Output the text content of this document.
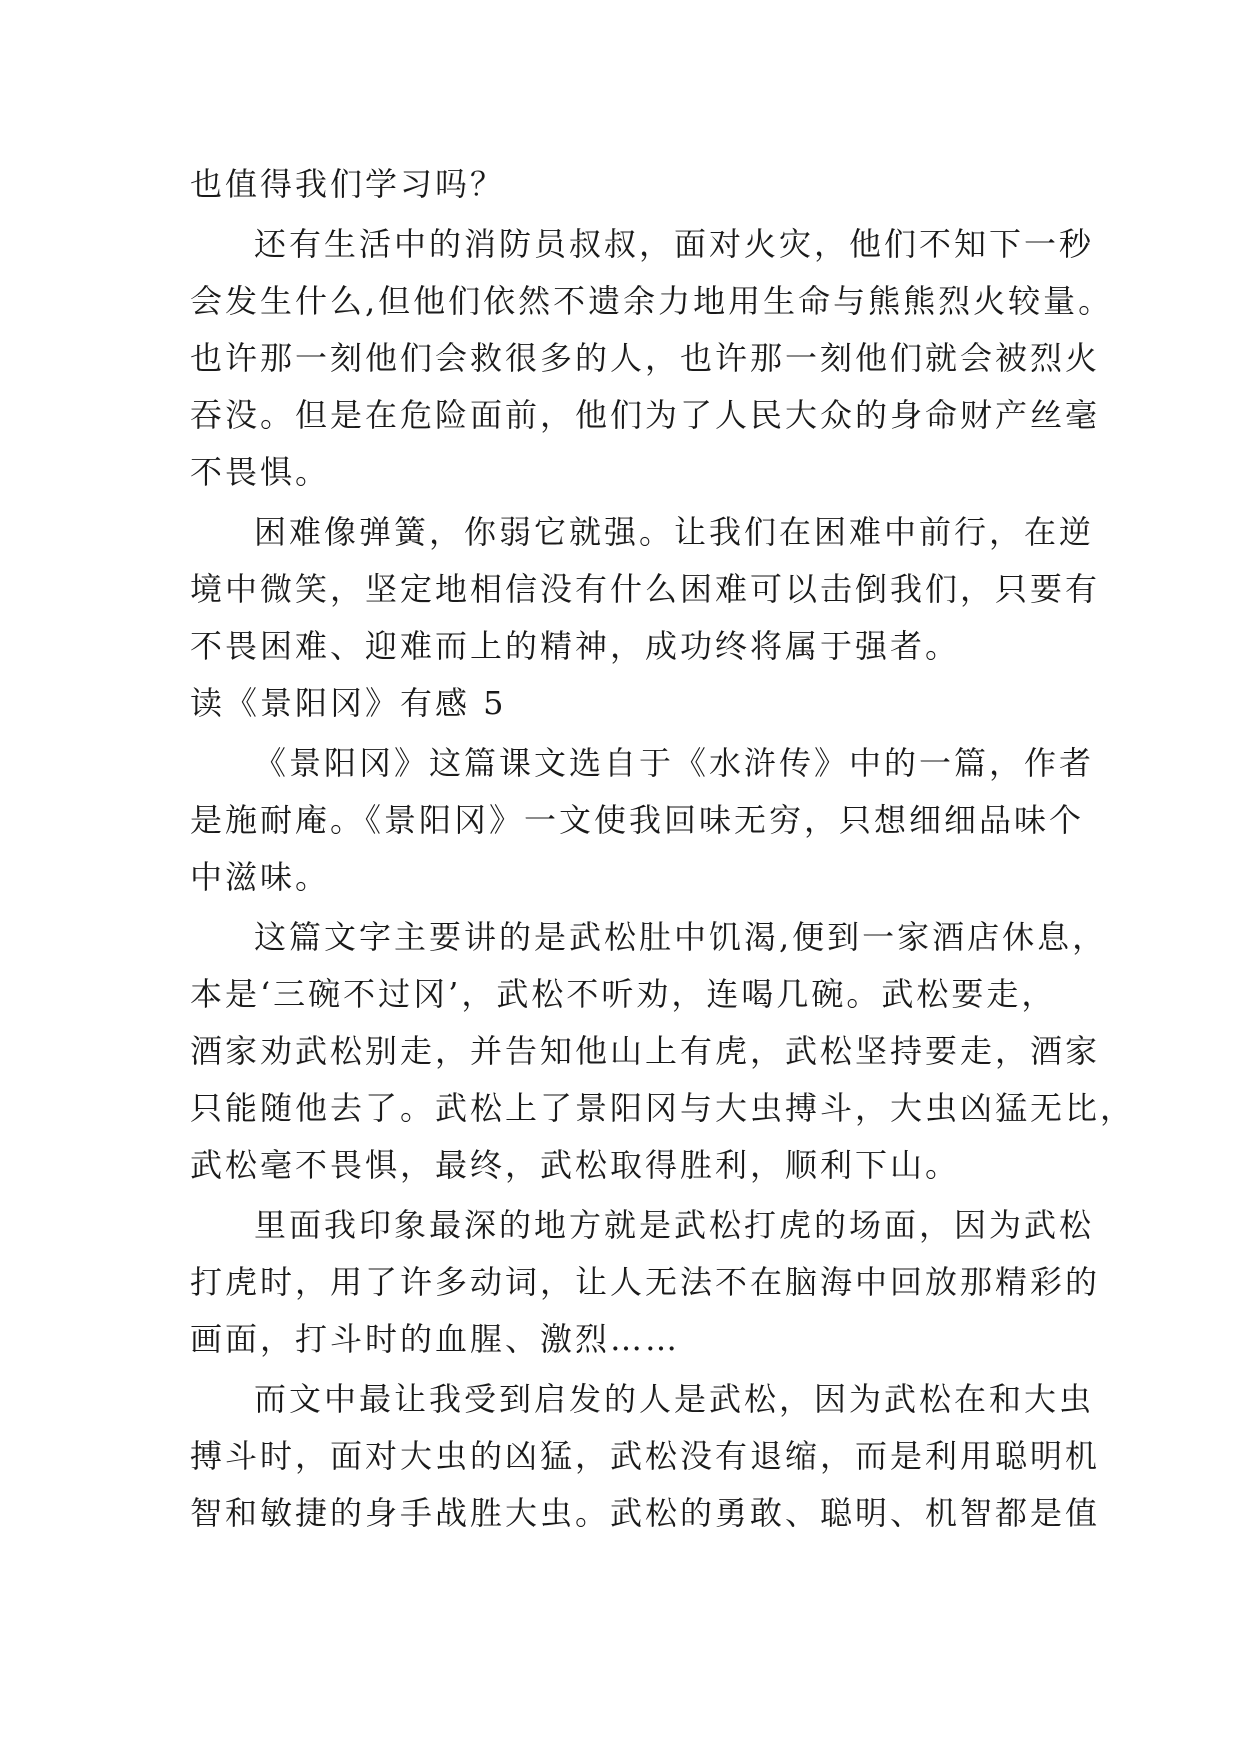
也值得我们学习吗？
还有生活中的消防员叔叔，面对火灾，他们不知下一秒
会发生什么,但他们依然不遗余力地用生命与熊熊烈火较量。
也许那一刻他们会救很多的人，也许那一刻他们就会被烈火
吞没。但是在危险面前，他们为了人民大众的身命财产丝毫
不畏惧。
困难像弹簧，你弱它就强。让我们在困难中前行，在逆
境中微笑，坚定地相信没有什么困难可以击倒我们，只要有
不畏困难、迎难而上的精神，成功终将属于强者。
读《景阳冈》有感 5
《景阳冈》这篇课文选自于《水浒传》中的一篇，作者
是施耐庵。《景阳冈》一文使我回味无穷，只想细细品味个
中滋味。
这篇文字主要讲的是武松肚中饥渴,便到一家酒店休息，
本是‘三碗不过冈’，武松不听劝，连喝几碗。武松要走，
酒家劝武松别走，并告知他山上有虎，武松坚持要走，酒家
只能随他去了。武松上了景阳冈与大虫搏斗，大虫凶猛无比，
武松毫不畏惧，最终，武松取得胜利，顺利下山。
里面我印象最深的地方就是武松打虎的场面，因为武松
打虎时，用了许多动词，让人无法不在脑海中回放那精彩的
画面，打斗时的血腥、激烈……
而文中最让我受到启发的人是武松，因为武松在和大虫
搏斗时，面对大虫的凶猛，武松没有退缩，而是利用聪明机
智和敏捷的身手战胜大虫。武松的勇敢、聪明、机智都是值
